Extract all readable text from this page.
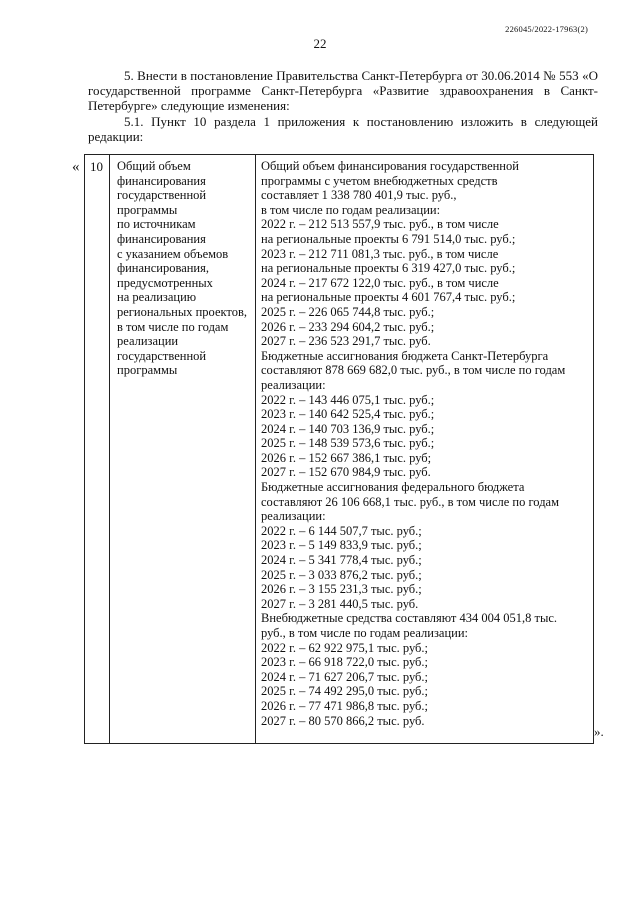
226045/2022-17963(2)
22
5. Внести в постановление Правительства Санкт-Петербурга от 30.06.2014 № 553 «О государственной программе Санкт-Петербурга «Развитие здравоохранения в Санкт-Петербурге» следующие изменения:
5.1. Пункт 10 раздела 1 приложения к постановлению изложить в следующей редакции:
« 10 Общий объем
финансирования
государственной
программы
по источникам
финансирования
с указанием объемов
финансирования,
предусмотренных
на реализацию
региональных проектов,
в том числе по годам
реализации
государственной
программы
Общий объем финансирования государственной
программы с учетом внебюджетных средств
составляет 1 338 780 401,9 тыс. руб.,
в том числе по годам реализации:
2022 г. – 212 513 557,9 тыс. руб., в том числе
на региональные проекты 6 791 514,0 тыс. руб.;
2023 г. – 212 711 081,3 тыс. руб., в том числе
на региональные проекты 6 319 427,0 тыс. руб.;
2024 г. – 217 672 122,0 тыс. руб., в том числе
на региональные проекты 4 601 767,4 тыс. руб.;
2025 г. – 226 065 744,8 тыс. руб.;
2026 г. – 233 294 604,2 тыс. руб.;
2027 г. – 236 523 291,7 тыс. руб.
Бюджетные ассигнования бюджета Санкт-Петербурга
составляют 878 669 682,0 тыс. руб., в том числе по годам
реализации:
2022 г. – 143 446 075,1 тыс. руб.;
2023 г. – 140 642 525,4 тыс. руб.;
2024 г. – 140 703 136,9 тыс. руб.;
2025 г. – 148 539 573,6 тыс. руб.;
2026 г. – 152 667 386,1 тыс. руб;
2027 г. – 152 670 984,9 тыс. руб.
Бюджетные ассигнования федерального бюджета
составляют 26 106 668,1 тыс. руб., в том числе по годам
реализации:
2022 г. – 6 144 507,7 тыс. руб.;
2023 г. – 5 149 833,9 тыс. руб.;
2024 г. – 5 341 778,4 тыс. руб.;
2025 г. – 3 033 876,2 тыс. руб.;
2026 г. – 3 155 231,3 тыс. руб.;
2027 г. – 3 281 440,5 тыс. руб.
Внебюджетные средства составляют 434 004 051,8 тыс.
руб., в том числе по годам реализации:
2022 г. – 62 922 975,1 тыс. руб.;
2023 г. – 66 918 722,0 тыс. руб.;
2024 г. – 71 627 206,7 тыс. руб.;
2025 г. – 74 492 295,0 тыс. руб.;
2026 г. – 77 471 986,8 тыс. руб.;
2027 г. – 80 570 866,2 тыс. руб.
».
